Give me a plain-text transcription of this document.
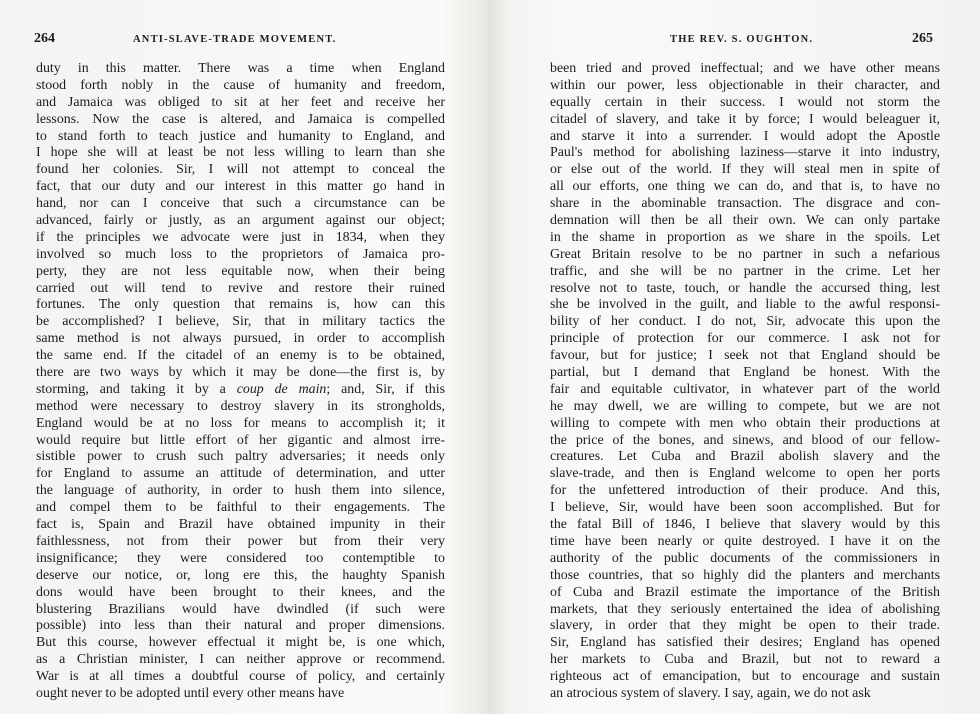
264	ANTI-SLAVE-TRADE MOVEMENT.
duty in this matter. There was a time when England
stood forth nobly in the cause of humanity and freedom,
and Jamaica was obliged to sit at her feet and receive her
lessons. Now the case is altered, and Jamaica is compelled
to stand forth to teach justice and humanity to England, and
I hope she will at least be not less willing to learn than she
found her colonies. Sir, I will not attempt to conceal the
fact, that our duty and our interest in this matter go hand in
hand, nor can I conceive that such a circumstance can be
advanced, fairly or justly, as an argument against our object;
if the principles we advocate were just in 1834, when they
involved so much loss to the proprietors of Jamaica pro-
perty, they are not less equitable now, when their being
carried out will tend to revive and restore their ruined
fortunes. The only question that remains is, how can this
be accomplished? I believe, Sir, that in military tactics the
same method is not always pursued, in order to accomplish
the same end. If the citadel of an enemy is to be obtained,
there are two ways by which it may be done—the first is, by
storming, and taking it by a coup de main; and, Sir, if this
method were necessary to destroy slavery in its strongholds,
England would be at no loss for means to accomplish it; it
would require but little effort of her gigantic and almost irre-
sistible power to crush such paltry adversaries; it needs only
for England to assume an attitude of determination, and utter
the language of authority, in order to hush them into silence,
and compel them to be faithful to their engagements. The
fact is, Spain and Brazil have obtained impunity in their
faithlessness, not from their power but from their very
insignificance; they were considered too contemptible to
deserve our notice, or, long ere this, the haughty Spanish
dons would have been brought to their knees, and the
blustering Brazilians would have dwindled (if such were
possible) into less than their natural and proper dimensions.
But this course, however effectual it might be, is one which,
as a Christian minister, I can neither approve or recommend.
War is at all times a doubtful course of policy, and certainly
ought never to be adopted until every other means have
THE REV. S. OUGHTON.	265
been tried and proved ineffectual; and we have other means
within our power, less objectionable in their character, and
equally certain in their success. I would not storm the
citadel of slavery, and take it by force; I would beleaguer it,
and starve it into a surrender. I would adopt the Apostle
Paul's method for abolishing laziness—starve it into industry,
or else out of the world. If they will steal men in spite of
all our efforts, one thing we can do, and that is, to have no
share in the abominable transaction. The disgrace and con-
demnation will then be all their own. We can only partake
in the shame in proportion as we share in the spoils. Let
Great Britain resolve to be no partner in such a nefarious
traffic, and she will be no partner in the crime. Let her
resolve not to taste, touch, or handle the accursed thing, lest
she be involved in the guilt, and liable to the awful responsi-
bility of her conduct. I do not, Sir, advocate this upon the
principle of protection for our commerce. I ask not for
favour, but for justice; I seek not that England should be
partial, but I demand that England be honest. With the
fair and equitable cultivator, in whatever part of the world
he may dwell, we are willing to compete, but we are not
willing to compete with men who obtain their productions at
the price of the bones, and sinews, and blood of our fellow-
creatures. Let Cuba and Brazil abolish slavery and the
slave-trade, and then is England welcome to open her ports
for the unfettered introduction of their produce. And this,
I believe, Sir, would have been soon accomplished. But for
the fatal Bill of 1846, I believe that slavery would by this
time have been nearly or quite destroyed. I have it on the
authority of the public documents of the commissioners in
those countries, that so highly did the planters and merchants
of Cuba and Brazil estimate the importance of the British
markets, that they seriously entertained the idea of abolishing
slavery, in order that they might be open to their trade.
Sir, England has satisfied their desires; England has opened
her markets to Cuba and Brazil, but not to reward a
righteous act of emancipation, but to encourage and sustain
an atrocious system of slavery. I say, again, we do not ask
